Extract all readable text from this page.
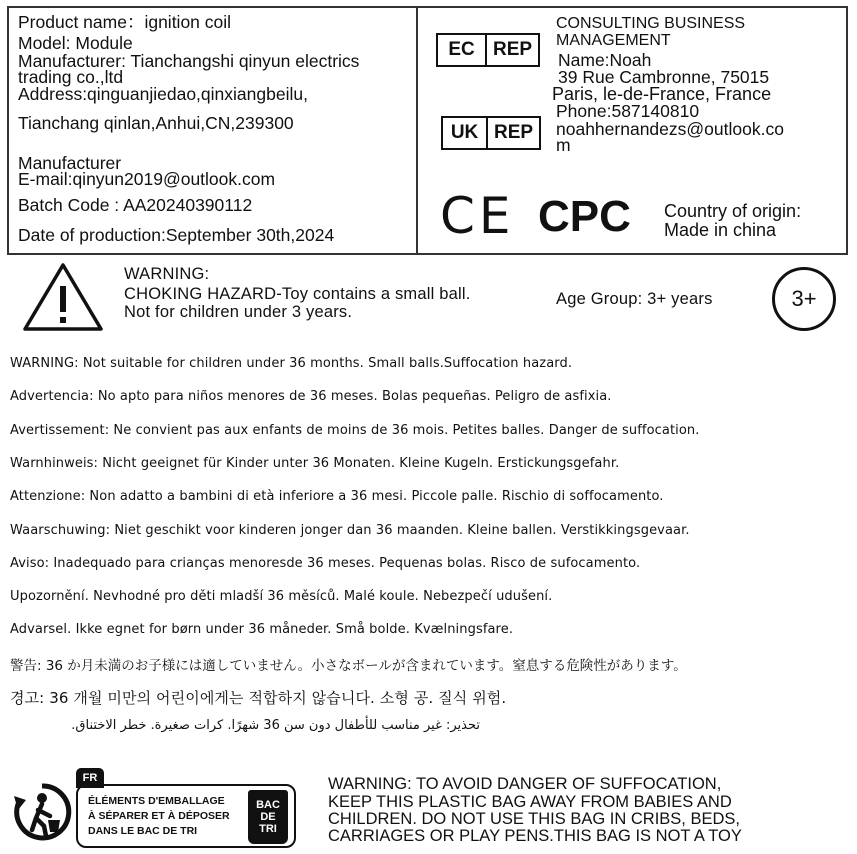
Product name：ignition coil
Model: Module
Manufacturer: Tianchangshi qinyun electrics
trading co.,ltd
Address:qinguanjiedao,qinxiangbeilu,
Tianchang qinlan,Anhui,CN,239300
Manufacturer
E-mail:qinyun2019@outlook.com
Batch Code : AA20240390112
Date of production:September 30th,2024
CONSULTING BUSINESS
MANAGEMENT
EC REP
UK REP
Name:Noah
39 Rue Cambronne, 75015
Paris, le-de-France, France
Phone:587140810
noahhernandezs@outlook.co
m
CE CPC Country of origin:
Made in china
WARNING:
CHOKING HAZARD-Toy contains a small ball.
Not for children under 3 years.
Age Group: 3+ years	3+
WARNING: Not suitable for children under 36 months. Small balls.Suffocation hazard.
Advertencia: No apto para niños menores de 36 meses. Bolas pequeñas. Peligro de asfixia.
Avertissement: Ne convient pas aux enfants de moins de 36 mois. Petites balles. Danger de suffocation.
Warnhinweis: Nicht geeignet für Kinder unter 36 Monaten. Kleine Kugeln. Erstickungsgefahr.
Attenzione: Non adatto a bambini di età inferiore a 36 mesi. Piccole palle. Rischio di soffocamento.
Waarschuwing: Niet geschikt voor kinderen jonger dan 36 maanden. Kleine ballen. Verstikkingsgevaar.
Aviso: Inadequado para crianças menoresde 36 meses. Pequenas bolas. Risco de sufocamento.
Upozornění. Nevhodné pro děti mladší 36 měsíců. Malé koule. Nebezpečí udušení.
Advarsel. Ikke egnet for børn under 36 måneder. Små bolde. Kvælningsfare.
警告: 36 か月未満のお子様には適していません。小さなボールが含まれています。窒息する危険性があります。
경고: 36 개월 미만의 어린이에게는 적합하지 않습니다. 소형 공. 질식 위험.
تحذير: غير مناسب للأطفال دون سن 36 شهرًا. كرات صغيرة. خطر الاختناق.
FR
ÉLÉMENTS D'EMBALLAGE
À SÉPARER ET À DÉPOSER
DANS LE BAC DE TRI
BAC
DE
TRI
WARNING: TO AVOID DANGER OF SUFFOCATION,
KEEP THIS PLASTIC BAG AWAY FROM BABIES AND
CHILDREN. DO NOT USE THIS BAG IN CRIBS, BEDS,
CARRIAGES OR PLAY PENS.THIS BAG IS NOT A TOY
